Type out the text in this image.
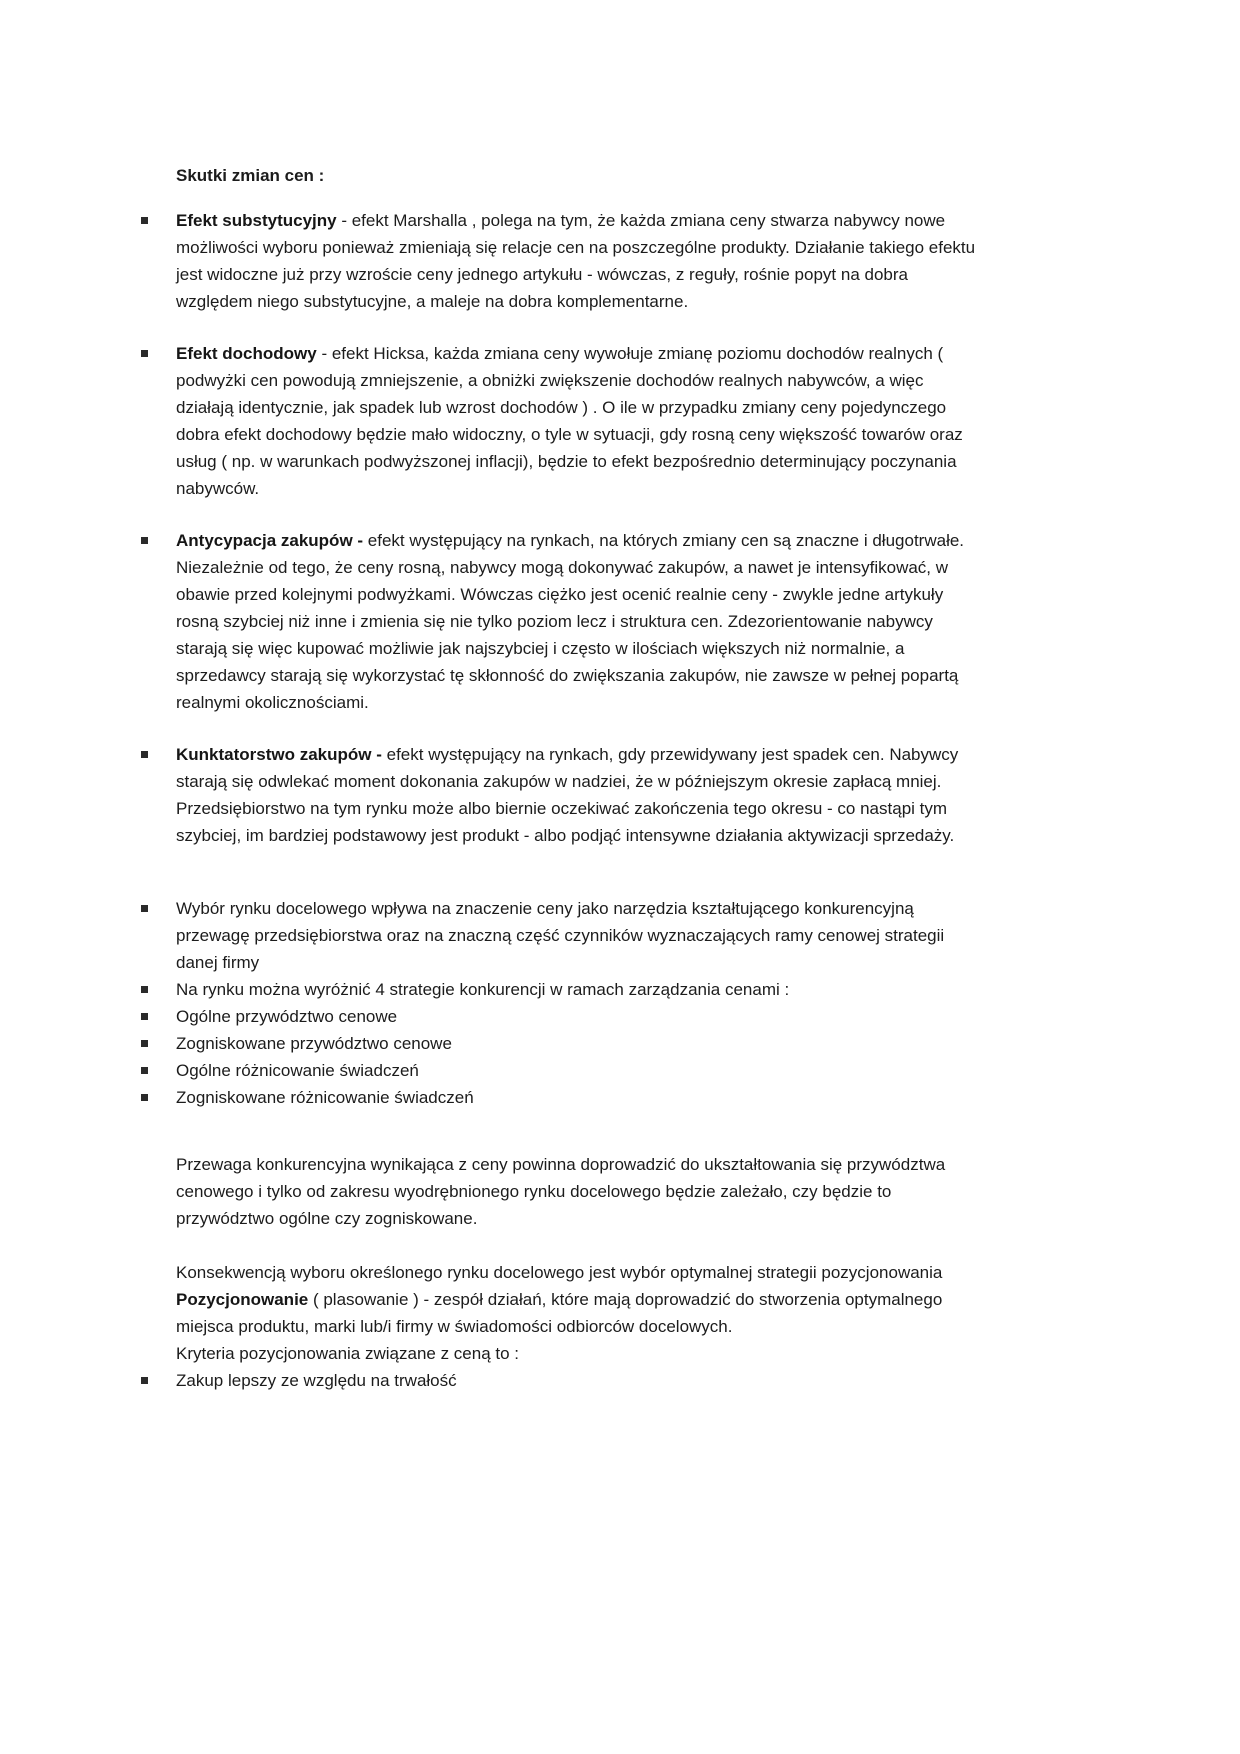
Skutki zmian cen :
Efekt substytucyjny - efekt Marshalla , polega na tym, że każda zmiana ceny stwarza nabywcy nowe możliwości wyboru ponieważ zmieniają się relacje cen na poszczególne produkty. Działanie takiego efektu jest widoczne już przy wzroście ceny jednego artykułu - wówczas, z reguły, rośnie popyt na dobra względem niego substytucyjne, a maleje na dobra komplementarne.
Efekt dochodowy - efekt Hicksa, każda zmiana ceny wywołuje zmianę poziomu dochodów realnych ( podwyżki cen powodują zmniejszenie, a obniżki zwiększenie dochodów realnych nabywców, a więc działają identycznie, jak spadek lub wzrost dochodów ) . O ile w przypadku zmiany ceny pojedynczego dobra efekt dochodowy będzie mało widoczny, o tyle w sytuacji, gdy rosną ceny większość towarów oraz usług ( np. w warunkach podwyższonej inflacji), będzie to efekt bezpośrednio determinujący poczynania nabywców.
Antycypacja zakupów - efekt występujący na rynkach, na których zmiany cen są znaczne i długotrwałe. Niezależnie od tego, że ceny rosną, nabywcy mogą dokonywać zakupów, a nawet je intensyfikować, w obawie przed kolejnymi podwyżkami. Wówczas ciężko jest ocenić realnie ceny - zwykle jedne artykuły rosną szybciej niż inne i zmienia się nie tylko poziom lecz i struktura cen. Zdezorientowanie nabywcy starają się więc kupować możliwie jak najszybciej i często w ilościach większych niż normalnie, a sprzedawcy starają się wykorzystać tę skłonność do zwiększania zakupów, nie zawsze w pełnej popartą realnymi okolicznościami.
Kunktatorstwo zakupów - efekt występujący na rynkach, gdy przewidywany jest spadek cen. Nabywcy starają się odwlekać moment dokonania zakupów w nadziei, że w późniejszym okresie zapłacą mniej. Przedsiębiorstwo na tym rynku może albo biernie oczekiwać zakończenia tego okresu - co nastąpi tym szybciej, im bardziej podstawowy jest produkt - albo podjąć intensywne działania aktywizacji sprzedaży.
Wybór rynku docelowego wpływa na znaczenie ceny jako narzędzia kształtującego konkurencyjną przewagę przedsiębiorstwa oraz na znaczną część czynników wyznaczających ramy cenowej strategii danej firmy
Na rynku można wyróżnić 4 strategie konkurencji w ramach zarządzania cenami :
Ogólne przywództwo cenowe
Zogniskowane przywództwo cenowe
Ogólne różnicowanie świadczeń
Zogniskowane różnicowanie świadczeń

Przewaga konkurencyjna wynikająca z ceny powinna doprowadzić do ukształtowania się przywództwa cenowego i tylko od zakresu wyodrębnionego rynku docelowego będzie zależało, czy będzie to przywództwo ogólne czy zogniskowane.

Konsekwencją wyboru określonego rynku docelowego jest wybór optymalnej strategii pozycjonowania
Pozycjonowanie ( plasowanie ) - zespół działań, które mają doprowadzić do stworzenia optymalnego miejsca produktu, marki lub/i firmy w świadomości odbiorców docelowych.
Kryteria pozycjonowania związane z ceną to :
Zakup lepszy ze względu na trwałość
